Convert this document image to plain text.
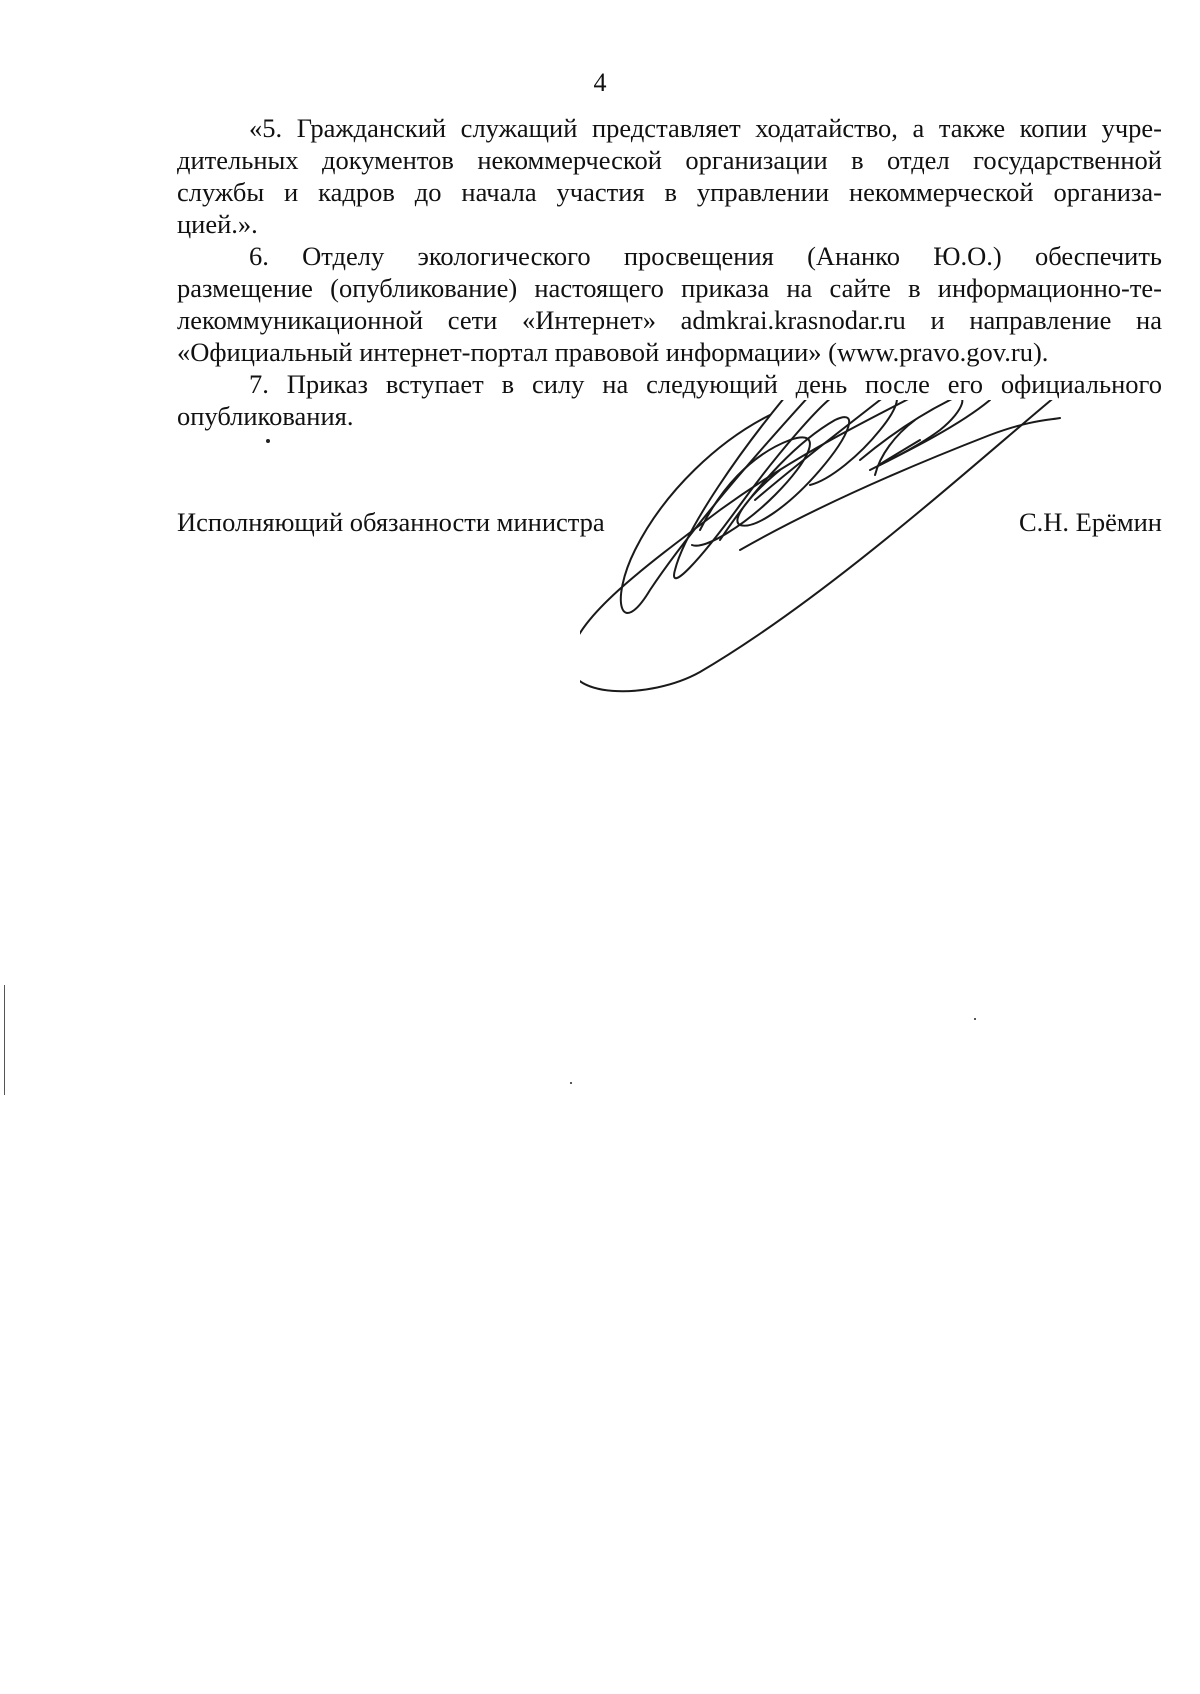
4

«5. Гражданский служащий представляет ходатайство, а также копии учре-
дительных документов некоммерческой организации в отдел государственной
службы и кадров до начала участия в управлении некоммерческой организа-
цией.».

6. Отделу экологического просвещения (Ананко Ю.О.) обеспечить
размещение (опубликование) настоящего приказа на сайте в информационно-те-
лекоммуникационной сети «Интернет» admkrai.krasnodar.ru и направление на
«Официальный интернет-портал правовой информации» (www.pravo.gov.ru).

7. Приказ вступает в силу на следующий день после его официального
опубликования.

Исполняющий обязанности министра	С.Н. Ерёмин
